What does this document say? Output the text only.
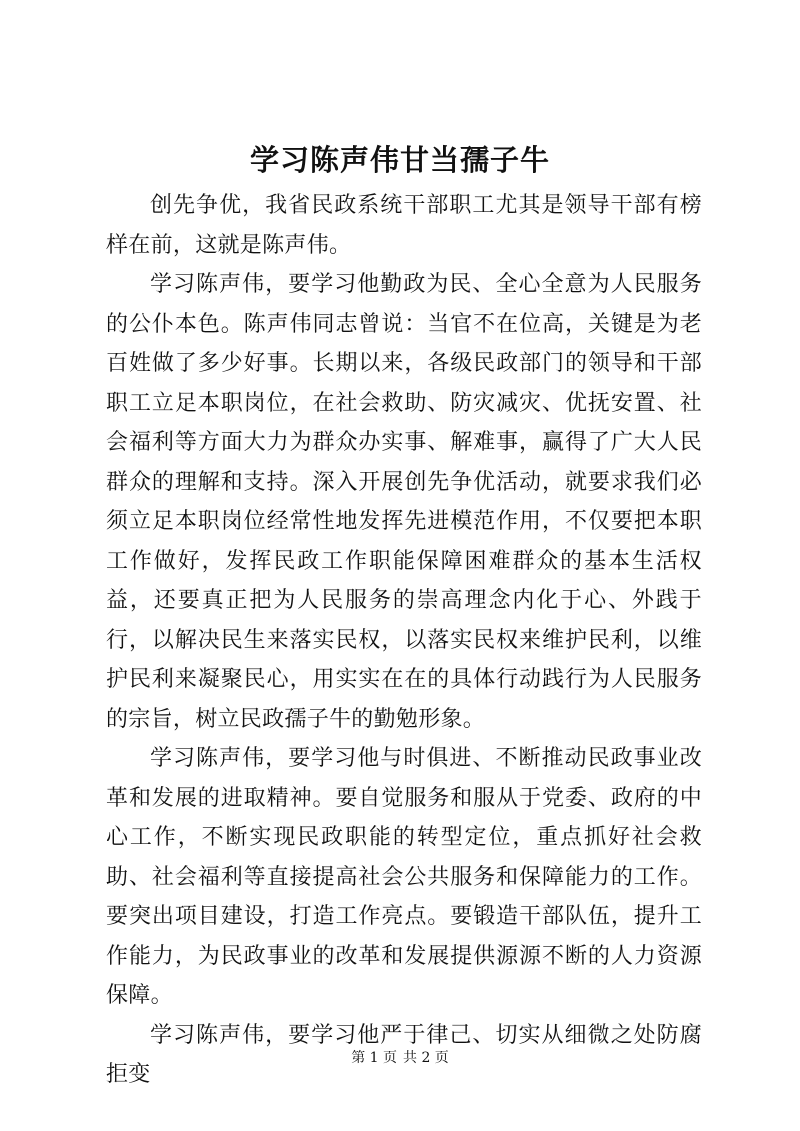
学习陈声伟甘当孺子牛

创先争优，我省民政系统干部职工尤其是领导干部有榜样在前，这就是陈声伟。

学习陈声伟，要学习他勤政为民、全心全意为人民服务的公仆本色。陈声伟同志曾说：当官不在位高，关键是为老百姓做了多少好事。长期以来，各级民政部门的领导和干部职工立足本职岗位，在社会救助、防灾减灾、优抚安置、社会福利等方面大力为群众办实事、解难事，赢得了广大人民群众的理解和支持。深入开展创先争优活动，就要求我们必须立足本职岗位经常性地发挥先进模范作用，不仅要把本职工作做好，发挥民政工作职能保障困难群众的基本生活权益，还要真正把为人民服务的崇高理念内化于心、外践于行，以解决民生来落实民权，以落实民权来维护民利，以维护民利来凝聚民心，用实实在在的具体行动践行为人民服务的宗旨，树立民政孺子牛的勤勉形象。

学习陈声伟，要学习他与时俱进、不断推动民政事业改革和发展的进取精神。要自觉服务和服从于党委、政府的中心工作，不断实现民政职能的转型定位，重点抓好社会救助、社会福利等直接提高社会公共服务和保障能力的工作。要突出项目建设，打造工作亮点。要锻造干部队伍，提升工作能力，为民政事业的改革和发展提供源源不断的人力资源保障。

学习陈声伟，要学习他严于律己、切实从细微之处防腐拒变

第 1 页 共 2 页
